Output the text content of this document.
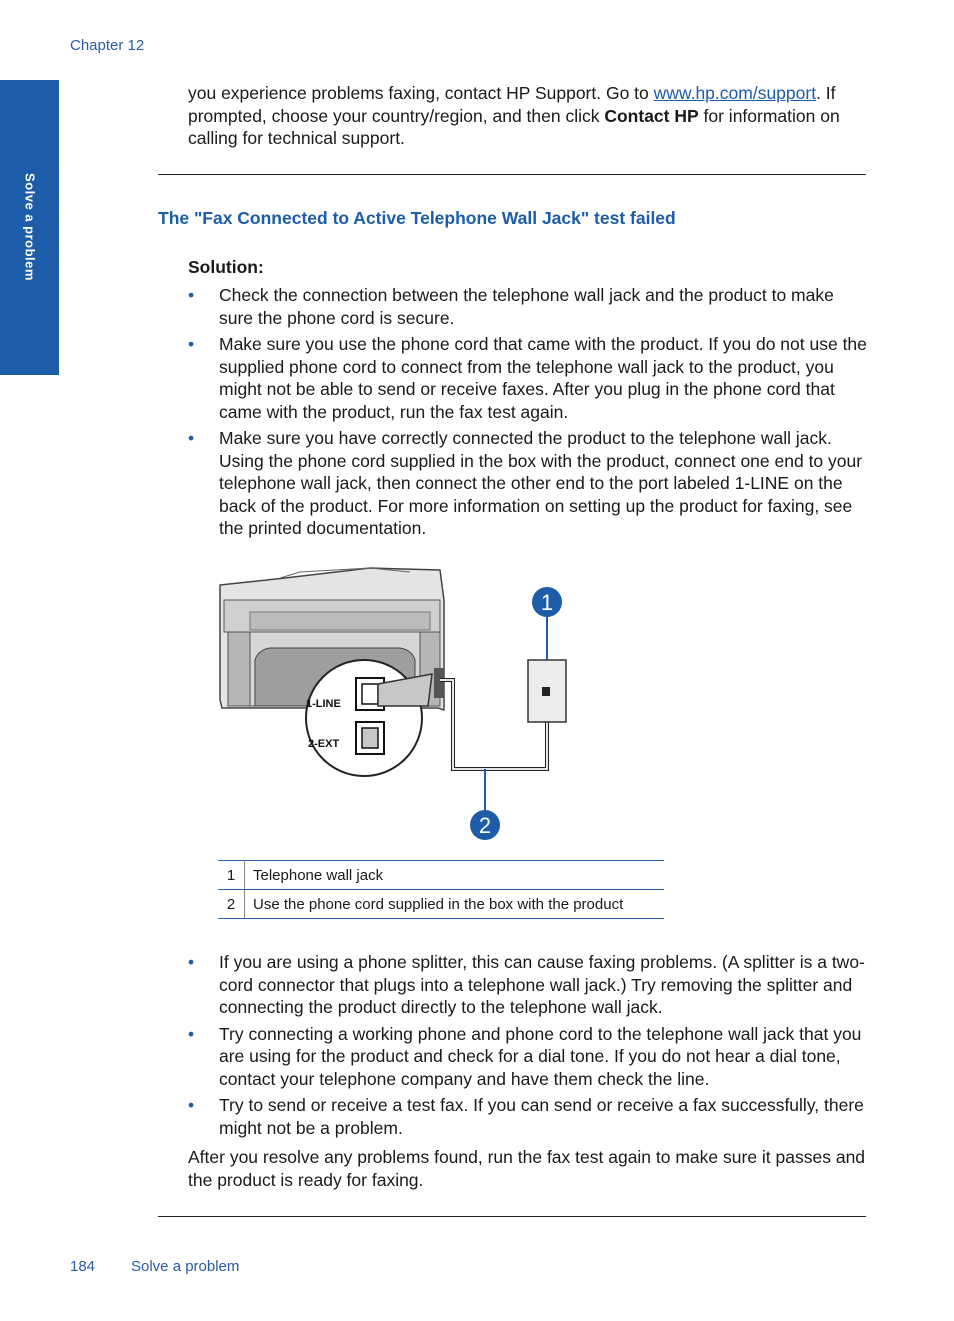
Chapter 12
Solve a problem
you experience problems faxing, contact HP Support. Go to www.hp.com/support. If prompted, choose your country/region, and then click Contact HP for information on calling for technical support.
The "Fax Connected to Active Telephone Wall Jack" test failed
Solution:
• Check the connection between the telephone wall jack and the product to make sure the phone cord is secure.
• Make sure you use the phone cord that came with the product. If you do not use the supplied phone cord to connect from the telephone wall jack to the product, you might not be able to send or receive faxes. After you plug in the phone cord that came with the product, run the fax test again.
• Make sure you have correctly connected the product to the telephone wall jack. Using the phone cord supplied in the box with the product, connect one end to your telephone wall jack, then connect the other end to the port labeled 1-LINE on the back of the product. For more information on setting up the product for faxing, see the printed documentation.
1-LINE
2-EXT
1
2
1	Telephone wall jack
2	Use the phone cord supplied in the box with the product
• If you are using a phone splitter, this can cause faxing problems. (A splitter is a two-cord connector that plugs into a telephone wall jack.) Try removing the splitter and connecting the product directly to the telephone wall jack.
• Try connecting a working phone and phone cord to the telephone wall jack that you are using for the product and check for a dial tone. If you do not hear a dial tone, contact your telephone company and have them check the line.
• Try to send or receive a test fax. If you can send or receive a fax successfully, there might not be a problem.
After you resolve any problems found, run the fax test again to make sure it passes and the product is ready for faxing.
184 Solve a problem
